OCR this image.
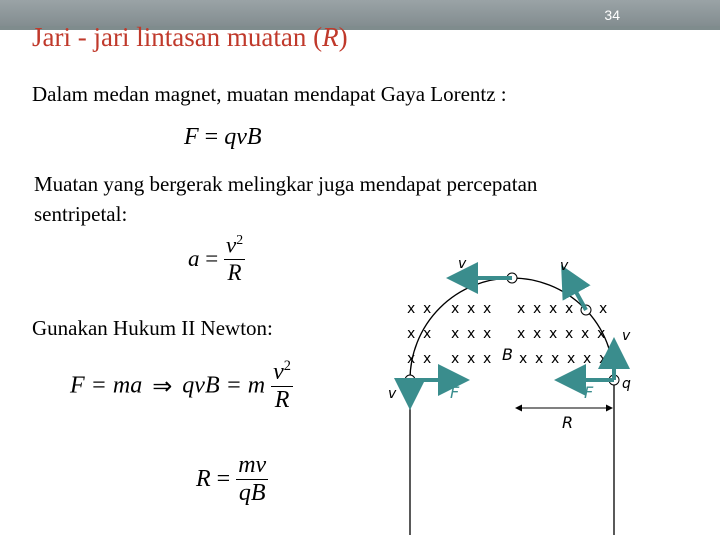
34
Jari - jari lintasan muatan (R)
Dalam medan magnet, muatan mendapat Gaya Lorentz :
F = qvB
Muatan yang bergerak melingkar juga mendapat percepatan
sentripetal:
$a = \frac{v^2}{R}$
Gunakan Hukum II Newton:
F = ma ⇒ qvB = m $\frac{v^2}{R}$
$R = \frac{mv}{qB}$
x x x x x x x x x x
x x x x x x x x x x x
x x x x x x x x x x x
v	v
v
v
B
F	F q
R
